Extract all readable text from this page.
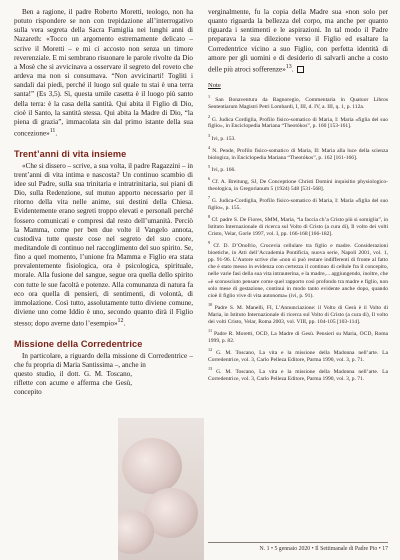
Ben a ragione, il padre Roberto Moretti, teologo, non ha potuto rispondere se non con trepidazione all’interrogativo sulla vera segreta della Sacra Famiglia nei lunghi anni di Nazareth: «Tocco un argomento estremamente delicato – scrive il Moretti – e mi ci accosto non senza un timore reverenziale. E mi sembrano risuonare le parole rivolte da Dio a Mosè che si avvicinava a osservare il segreto del roveto che ardeva ma non si consumava. “Non avvicinarti! Togliti i sandali dai piedi, perché il luogo sul quale tu stai è una terra santa!” (Es 3,5). Sì, questa umile casetta è il luogo più santo della terra: è la casa della santità. Qui abita il Figlio di Dio, cioè il Santo, la santità stessa. Qui abita la Madre di Dio, “la piena di grazia”, immacolata sin dal primo istante della sua concezione»$^{11}$.

Trent’anni di vita insieme

«Che si dissero – scrive, a sua volta, il padre Ragazzini – in trent’anni di vita intima e nascosta? Un continuo scambio di idee sul Padre, sulla sua trinitaria e intratrinitaria, sui piani di Dio, sulla Redenzione, sul mutuo apporto necessario per il ritorno della vita nelle anime, sui destini della Chiesa. Evidentemente erano segreti troppo elevati e personali perché fossero comunicati e compresi dal resto dell’umanità. Perciò la Mamma, come per ben due volte il Vangelo annota, custodiva tutte queste cose nel segreto del suo cuore, meditandole di continuo nel raccoglimento del suo spirito. Se, fino a quel momento, l’unione fra Mamma e Figlio era stata prevalentemente fisiologica, ora è psicologica, spirituale, morale. Alla fusione del sangue, segue ora quella dello spirito con tutte le sue facoltà e potenze. Alla comunanza di natura fa eco ora quella di pensieri, di sentimenti, di volontà, di immolazione. Così tutto, assolutamente tutto diviene comune, diviene uno come Iddio è uno, secondo quanto dirà il Figlio stesso; dopo averne dato l’esempio»$^{12}$.

Missione della Corredentrice

In particolare, a riguardo della missione di Corredentrice – che fu propria di Maria Santissima –, anche in

questo studio, il dott. G. M. Toscano, riflette con acume e afferma che Gesù, concepito

verginalmente, fu la copia della Madre sua «non solo per quanto riguarda la bellezza del corpo, ma anche per quanto riguarda i sentimenti e le aspirazioni. In tal modo il Padre preparava la sua dilezione verso il Figlio ed esaltare la Corredentrice vicino a suo Figlio, con perfetta identità di amore per gli uomini e di desiderio di salvarli anche a costo delle più atroci sofferenze»$^{13}$.

Note

$^1$ San Bonaventura da Bagnoregio, Commentaria in Quatuor Libros Sententiarum Magistri Petri Lombardi, I, III, d. IV, a. III, q. 1, p. 112a.

$^2$ G. Judica Cordiglia, Profilo fisico-somatico di Maria, I: Maria «figlia del suo figlio», in Enciclopedia Mariana “Theotókos”, p. 160 [153-161].

$^3$ Ivi, p. 153.

$^4$ N. Pende, Profilo fisico-somatico di Maria, II: Maria alla luce della scienza biologica, in Enciclopedia Mariana “Theotókos”, p. 162 [161-166].

$^5$ Ivi, p. 166.

$^6$ Cf. A. Breitung, SJ, De Conceptione Christi Domini inquisitio physiologico-theologica, in Gregorianum 5 (1924) 548 [531-568].

$^7$ G. Judica-Cordiglia, Profilo fisico-somatico di Maria, I: Maria «figlia del suo figlio», p. 155.

$^8$ Cf. padre S. De Fiores, SMM, Maria, “la faccia ch’a Cristo più si somiglia”, in Istituto Internazionale di ricerca sul Volto di Cristo (a cura di), Il volto dei volti Cristo, Velar, Gorle 1997, vol. I, pp. 166-168 [166-182].

$^9$ Cf. D. D’Onofrio, Crocevia cellulare tra figlio e madre. Considerazioni bioetiche, in Atti dell’Accademia Pontificia, nuova serie, Napoli 2001, vol. 1, pp. 91-96. L’Autore scrive che «non si può restare indifferenti di fronte al fatto che è stato messo in evidenza con certezza il continuo di cellule fra il concepito, nelle varie fasi della sua vita intrauterina, e la madre,... aggiungendo, inoltre, che «è sconosciuto pensare come quel rapporto così profondo tra madre e figlio, non solo mese di gestazione, continui in modo tanto evidente anche dopo, quando cioè il figlio vive di vita autonoma» (ivi, p. 91).

$^{10}$ Padre S. M. Manelli, FI, L’Annunciazione: il Volto di Gesù è il Volto di Maria, in Istituto Internazionale di ricerca sul Volto di Cristo (a cura di), Il volto dei volti Cristo, Velar, Roma 2003, vol. VIII, pp. 104-105 [103-114].

$^{11}$ Padre R. Moretti, OCD, La Madre di Gesù. Pensieri su Maria, OCD, Roma 1999, p. 82.

$^{12}$ G. M. Toscano, La vita e la missione della Madonna nell’arte. La Corredentrice, vol. 3, Carlo Pelleza Editore, Parma 1990, vol. 3, p. 71.

$^{13}$ G. M. Toscano, La vita e la missione della Madonna nell’arte. La Corredentrice, vol. 3, Carlo Pelleza Editore, Parma 1990, vol. 3, p. 71.

N. 1 • 5 gennaio 2020 • Il Settimanale di Padre Pio • 17
